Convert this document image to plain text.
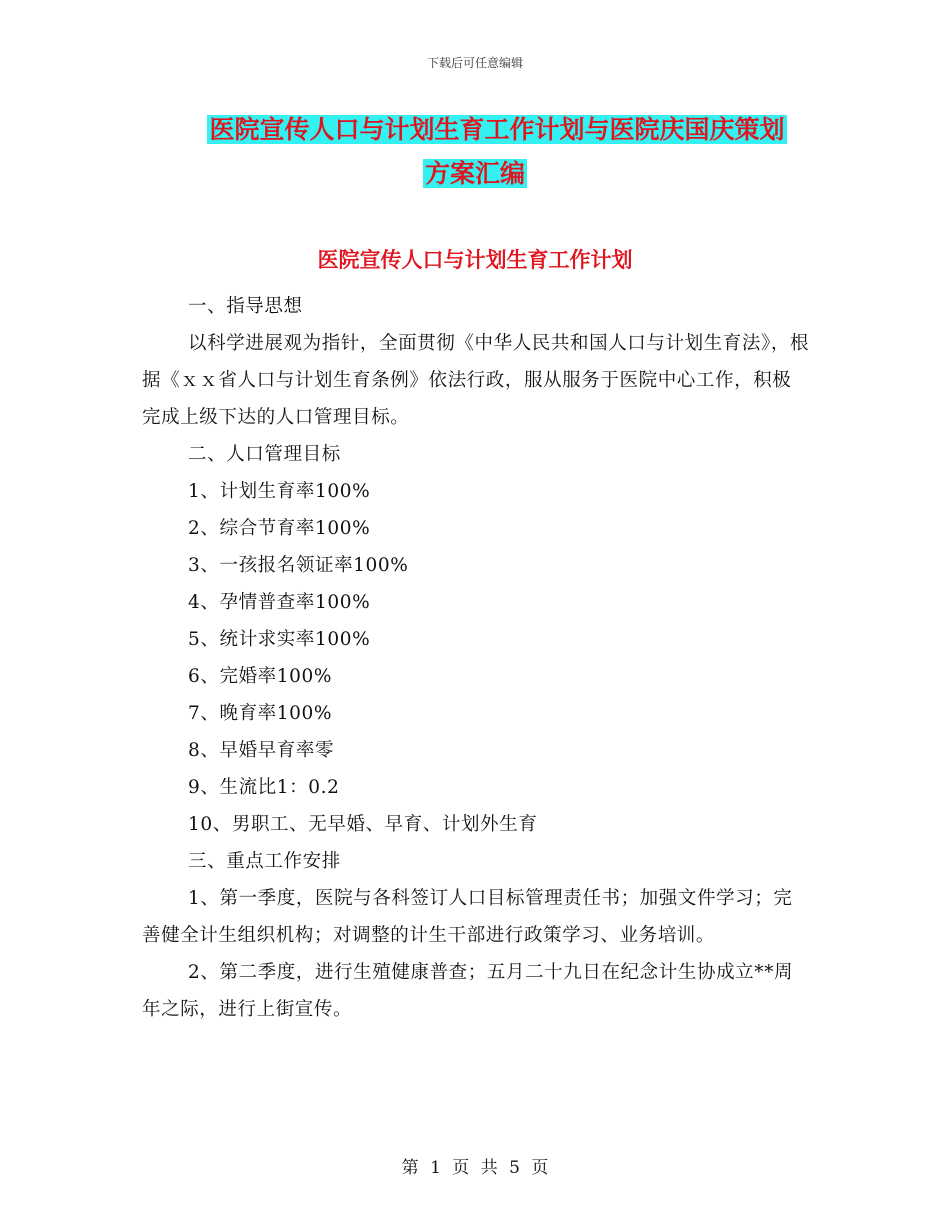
下载后可任意编辑
医院宣传人口与计划生育工作计划与医院庆国庆策划
方案汇编
医院宣传人口与计划生育工作计划

一、指导思想

以科学进展观为指针，全面贯彻《中华人民共和国人口与计划生育法》，根据《ｘｘ省人口与计划生育条例》依法行政，服从服务于医院中心工作，积极完成上级下达的人口管理目标。

二、人口管理目标

1、计划生育率100%

2、综合节育率100%

3、一孩报名领证率100%

4、孕情普查率100%

5、统计求实率100%

6、完婚率100%

7、晚育率100%

8、早婚早育率零

9、生流比1：0.2

10、男职工、无早婚、早育、计划外生育

三、重点工作安排

1、第一季度，医院与各科签订人口目标管理责任书；加强文件学习；完善健全计生组织机构；对调整的计生干部进行政策学习、业务培训。

2、第二季度，进行生殖健康普查；五月二十九日在纪念计生协成立**周年之际，进行上街宣传。

第 1 页 共 5 页
